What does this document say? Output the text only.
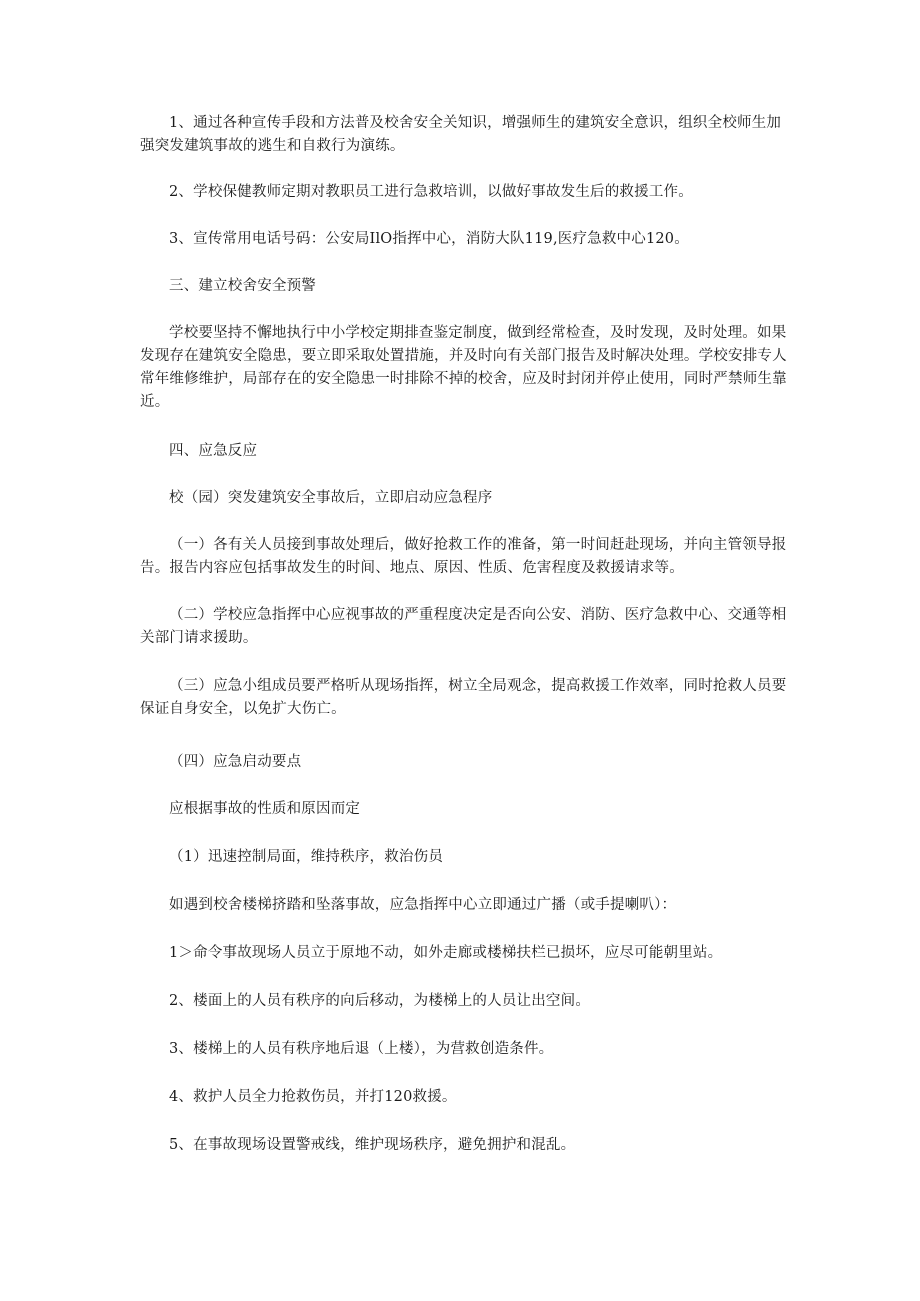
1、通过各种宣传手段和方法普及校舍安全关知识，增强师生的建筑安全意识，组织全校师生加强突发建筑事故的逃生和自救行为演练。

2、学校保健教师定期对教职员工进行急救培训，以做好事故发生后的救援工作。

3、宣传常用电话号码：公安局IlO指挥中心，消防大队119,医疗急救中心120。

三、建立校舍安全预警

学校要坚持不懈地执行中小学校定期排查鉴定制度，做到经常检查，及时发现，及时处理。如果发现存在建筑安全隐患，要立即采取处置措施，并及时向有关部门报告及时解决处理。学校安排专人常年维修维护，局部存在的安全隐患一时排除不掉的校舍，应及时封闭并停止使用，同时严禁师生靠近。

四、应急反应

校（园）突发建筑安全事故后，立即启动应急程序

（一）各有关人员接到事故处理后，做好抢救工作的准备，第一时间赶赴现场，并向主管领导报告。报告内容应包括事故发生的时间、地点、原因、性质、危害程度及救援请求等。

（二）学校应急指挥中心应视事故的严重程度决定是否向公安、消防、医疗急救中心、交通等相关部门请求援助。

（三）应急小组成员要严格听从现场指挥，树立全局观念，提高救援工作效率，同时抢救人员要保证自身安全，以免扩大伤亡。

（四）应急启动要点

应根据事故的性质和原因而定

（1）迅速控制局面，维持秩序，救治伤员

如遇到校舍楼梯挤踏和坠落事故，应急指挥中心立即通过广播（或手提喇叭）：

1＞命令事故现场人员立于原地不动，如外走廊或楼梯扶栏已损坏，应尽可能朝里站。

2、楼面上的人员有秩序的向后移动，为楼梯上的人员让出空间。

3、楼梯上的人员有秩序地后退（上楼），为营救创造条件。

4、救护人员全力抢救伤员，并打120救援。

5、在事故现场设置警戒线，维护现场秩序，避免拥护和混乱。
